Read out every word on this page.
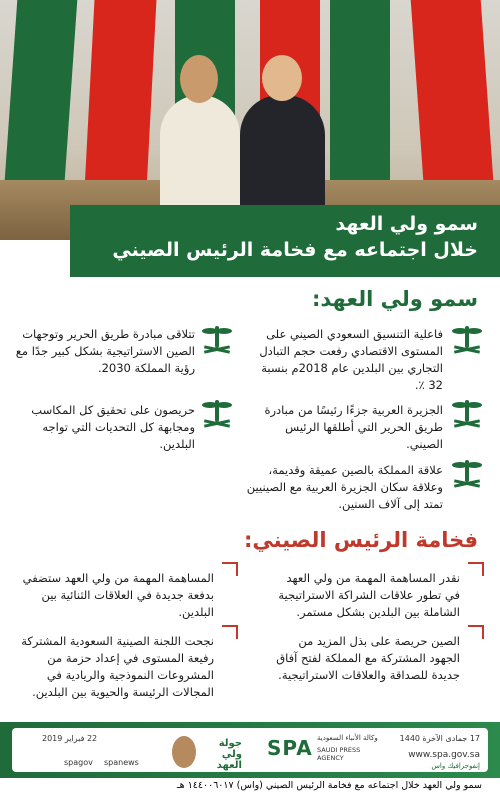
سمو ولي العهد
خلال اجتماعه مع فخامة الرئيس الصيني
سمو ولي العهد:
فاعلية التنسيق السعودي الصيني على المستوى الاقتصادي رفعت حجم التبادل التجاري بين البلدين عام 2018م بنسبة 32 ٪.
تتلاقى مبادرة طريق الحرير وتوجهات الصين الاستراتيجية بشكل كبير جدًا مع رؤية المملكة 2030.
الجزيرة العربية جزءًا رئيسًا من مبادرة طريق الحرير التي أطلقها الرئيس الصيني.
حريصون على تحقيق كل المكاسب ومجابهة كل التحديات التي تواجه البلدين.
علاقة المملكة بالصين عميقة وقديمة، وعلاقة سكان الجزيرة العربية مع الصينيين تمتد إلى آلاف السنين.
فخامة الرئيس الصيني:
نقدر المساهمة المهمة من ولي العهد في تطور علاقات الشراكة الاستراتيجية الشاملة بين البلدين بشكل مستمر.
المساهمة المهمة من ولي العهد ستضفي بدفعة جديدة في العلاقات الثنائية بين البلدين.
الصين حريصة على بذل المزيد من الجهود المشتركة مع المملكة لفتح آفاق جديدة للصداقة والعلاقات الاستراتيجية.
نجحت اللجنة الصينية السعودية المشتركة رفيعة المستوى في إعداد حزمة من المشروعات النموذجية والريادية في المجالات الرئيسة والحيوية بين البلدين.
17 جمادى الآخرة 1440
www.spa.gov.sa
SPA وكالة الأنباء السعودية
SAUDI PRESS AGENCY
إنفوجرافيك واس
جولة ولي العهد
22 فبراير 2019
spagov spanews
سمو ولي العهد خلال اجتماعه مع فخامة الرئيس الصيني (واس) ١٤٤٠٠٦٠١٧ هـ
